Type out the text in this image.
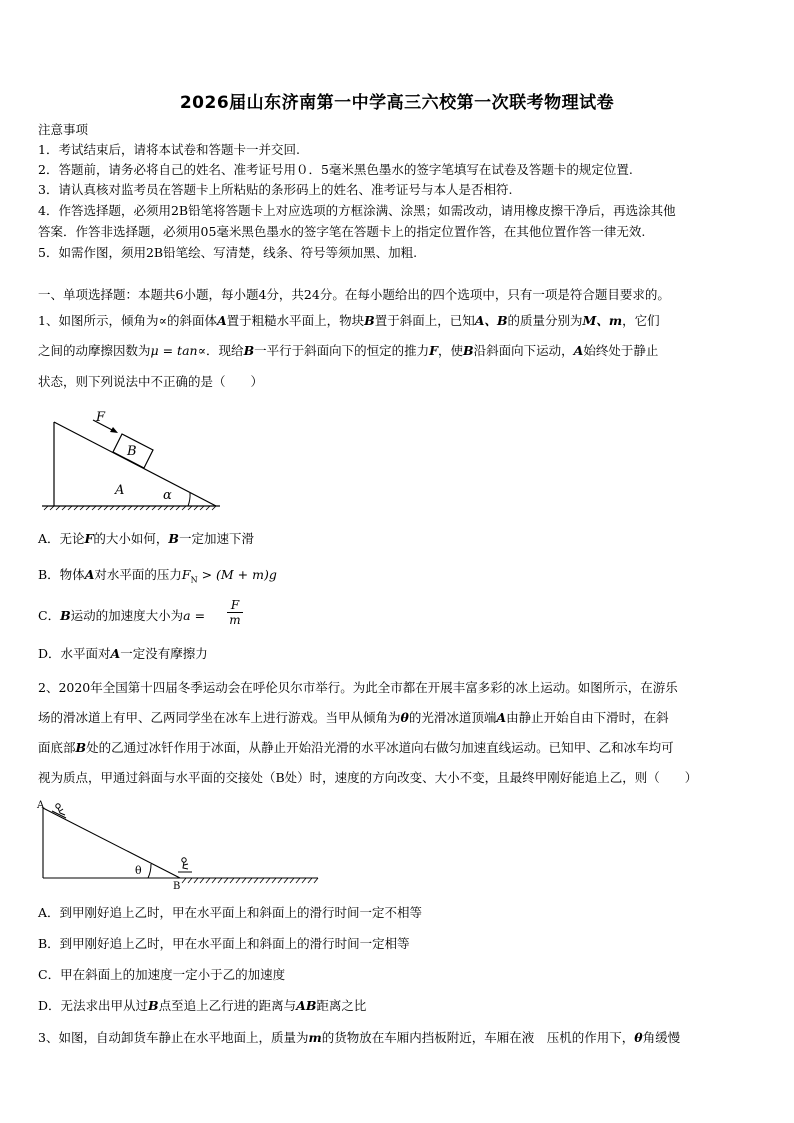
2026届山东济南第一中学高三六校第一次联考物理试卷
注意事项
1．考试结束后，请将本试卷和答题卡一并交回.
2．答题前，请务必将自己的姓名、准考证号用０．5毫米黑色墨水的签字笔填写在试卷及答题卡的规定位置.
3．请认真核对监考员在答题卡上所粘贴的条形码上的姓名、准考证号与本人是否相符.
4．作答选择题，必须用2B铅笔将答题卡上对应选项的方框涂满、涂黑；如需改动，请用橡皮擦干净后，再选涂其他
答案．作答非选择题，必须用05毫米黑色墨水的签字笔在答题卡上的指定位置作答，在其他位置作答一律无效.
5．如需作图，须用2B铅笔绘、写清楚，线条、符号等须加黑、加粗.
一、单项选择题：本题共6小题，每小题4分，共24分。在每小题给出的四个选项中，只有一项是符合题目要求的。
1、如图所示，倾角为∝的斜面体A置于粗糙水平面上，物块B置于斜面上，已知A、B的质量分别为M、m，它们
之间的动摩擦因数为μ = tan∝．现给B一平行于斜面向下的恒定的推力F，使B沿斜面向下运动，A始终处于静止
状态，则下列说法中不正确的是（　　）
F
B
A	α
A．无论F的大小如何，B一定加速下滑
B．物体A对水平面的压力$F_N > (M + m)g$
C．B运动的加速度大小为a =	$\frac{F}{m}$
D．水平面对A一定没有摩擦力
2、2020年全国第十四届冬季运动会在呼伦贝尔市举行。为此全市都在开展丰富多彩的冰上运动。如图所示，在游乐
场的滑冰道上有甲、乙两同学坐在冰车上进行游戏。当甲从倾角为θ的光滑冰道顶端A由静止开始自由下滑时，在斜
面底部B处的乙通过冰钎作用于冰面，从静止开始沿光滑的水平冰道向右做匀加速直线运动。已知甲、乙和冰车均可
视为质点，甲通过斜面与水平面的交接处（B处）时，速度的方向改变、大小不变，且最终甲刚好能追上乙，则（　　）
A
B
θ
A．到甲刚好追上乙时，甲在水平面上和斜面上的滑行时间一定不相等
B．到甲刚好追上乙时，甲在水平面上和斜面上的滑行时间一定相等
C．甲在斜面上的加速度一定小于乙的加速度
D．无法求出甲从过B点至追上乙行进的距离与AB距离之比
3、如图，自动卸货车静止在水平地面上，质量为m的货物放在车厢内挡板附近，车厢在液　压机的作用下，θ角缓慢
